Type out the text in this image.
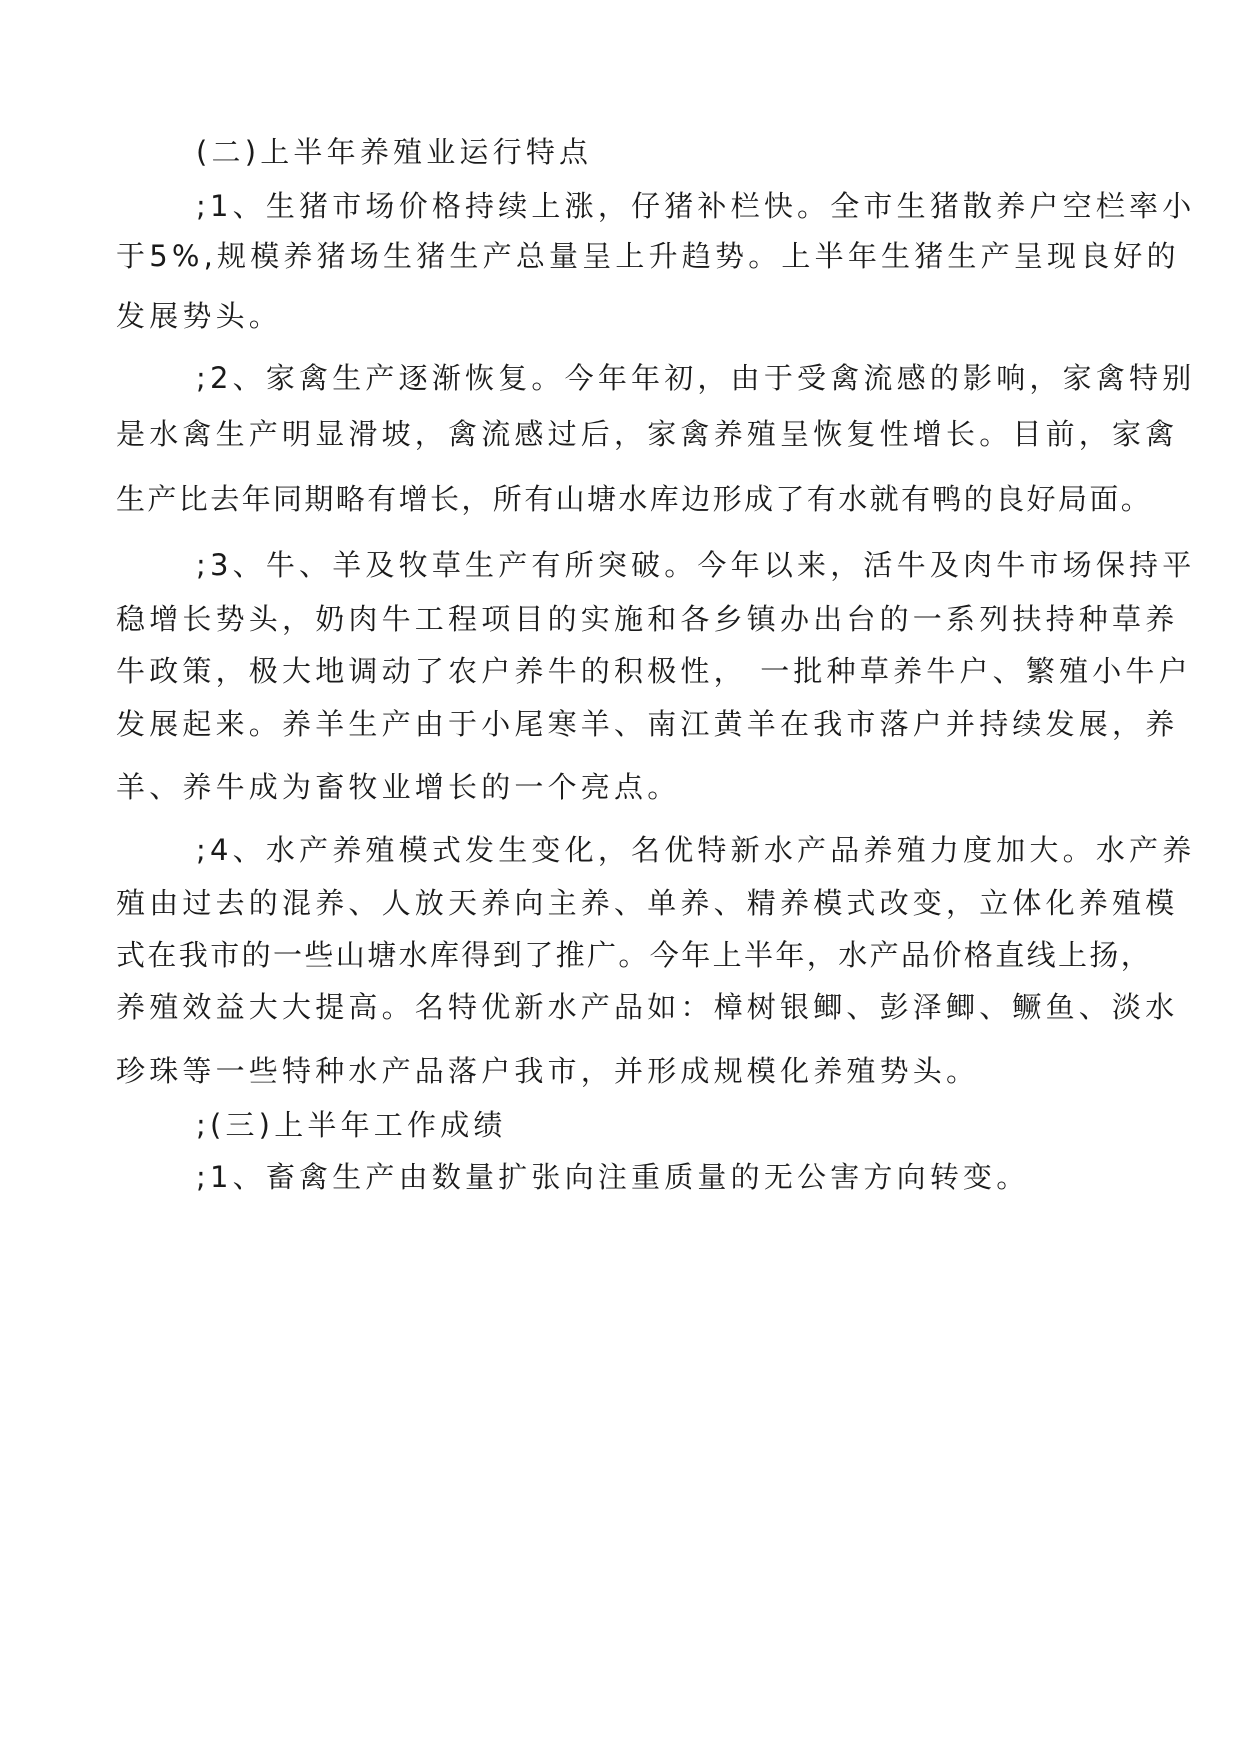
(二)上半年养殖业运行特点
;1、生猪市场价格持续上涨，仔猪补栏快。全市生猪散养户空栏率小
于5%,规模养猪场生猪生产总量呈上升趋势。上半年生猪生产呈现良好的
发展势头。
;2、家禽生产逐渐恢复。今年年初，由于受禽流感的影响，家禽特别
是水禽生产明显滑坡，禽流感过后，家禽养殖呈恢复性增长。目前，家禽
生产比去年同期略有增长，所有山塘水库边形成了有水就有鸭的良好局面。
;3、牛、羊及牧草生产有所突破。今年以来，活牛及肉牛市场保持平
稳增长势头，奶肉牛工程项目的实施和各乡镇办出台的一系列扶持种草养
牛政策，极大地调动了农户养牛的积极性， 一批种草养牛户、繁殖小牛户
发展起来。养羊生产由于小尾寒羊、南江黄羊在我市落户并持续发展，养
羊、养牛成为畜牧业增长的一个亮点。
;4、水产养殖模式发生变化，名优特新水产品养殖力度加大。水产养
殖由过去的混养、人放天养向主养、单养、精养模式改变，立体化养殖模
式在我市的一些山塘水库得到了推广。今年上半年，水产品价格直线上扬，
养殖效益大大提高。名特优新水产品如：樟树银鲫、彭泽鲫、鳜鱼、淡水
珍珠等一些特种水产品落户我市，并形成规模化养殖势头。
;(三)上半年工作成绩
;1、畜禽生产由数量扩张向注重质量的无公害方向转变。
